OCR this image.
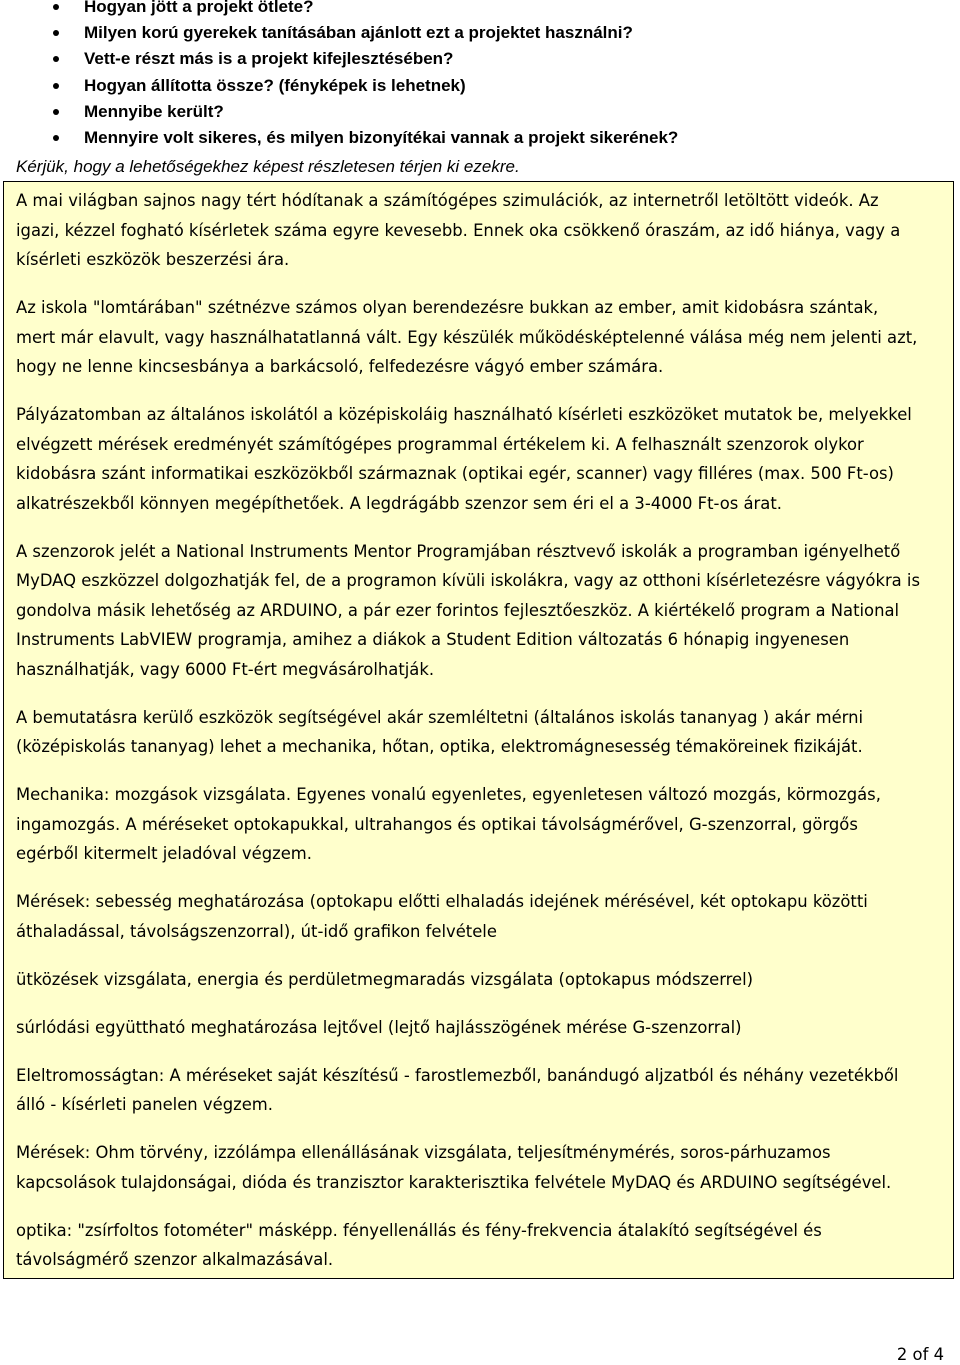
Hogyan jött a projekt ötlete?
Milyen korú gyerekek tanításában ajánlott ezt a projektet használni?
Vett-e részt más is a projekt kifejlesztésében?
Hogyan állította össze? (fényképek is lehetnek)
Mennyibe került?
Mennyire volt sikeres, és milyen bizonyítékai vannak a projekt sikerének?
Kérjük, hogy a lehetőségekhez képest részletesen térjen ki ezekre.

A mai világban sajnos nagy tért hódítanak a számítógépes szimulációk, az internetről letöltött videók. Az
igazi, kézzel fogható kísérletek száma egyre kevesebb. Ennek oka csökkenő óraszám, az idő hiánya, vagy a
kísérleti eszközök beszerzési ára.

Az iskola "lomtárában" szétnézve számos olyan berendezésre bukkan az ember, amit kidobásra szántak,
mert már elavult, vagy használhatatlanná vált. Egy készülék működésképtelenné válása még nem jelenti azt,
hogy ne lenne kincsesbánya a barkácsoló, felfedezésre vágyó ember számára.

Pályázatomban az általános iskolától a középiskoláig használható kísérleti eszközöket mutatok be, melyekkel
elvégzett mérések eredményét számítógépes programmal értékelem ki. A felhasznált szenzorok olykor
kidobásra szánt informatikai eszközökből származnak (optikai egér, scanner) vagy filléres (max. 500 Ft-os)
alkatrészekből könnyen megépíthetőek. A legdrágább szenzor sem éri el a 3-4000 Ft-os árat.

A szenzorok jelét a National Instruments Mentor Programjában résztvevő iskolák a programban igényelhető
MyDAQ eszközzel dolgozhatják fel, de a programon kívüli iskolákra, vagy az otthoni kísérletezésre vágyókra is
gondolva másik lehetőség az ARDUINO, a pár ezer forintos fejlesztőeszköz. A kiértékelő program a National
Instruments LabVIEW programja, amihez a diákok a Student Edition változatás 6 hónapig ingyenesen
használhatják, vagy 6000 Ft-ért megvásárolhatják.

A bemutatásra kerülő eszközök segítségével akár szemléltetni (általános iskolás tananyag ) akár mérni
(középiskolás tananyag) lehet a mechanika, hőtan, optika, elektromágnesesség témaköreinek fizikáját.

Mechanika: mozgások vizsgálata. Egyenes vonalú egyenletes, egyenletesen változó mozgás, körmozgás,
ingamozgás. A méréseket optokapukkal, ultrahangos és optikai távolságmérővel, G-szenzorral, görgős
egérből kitermelt jeladóval végzem.

Mérések: sebesség meghatározása (optokapu előtti elhaladás idejének mérésével, két optokapu közötti
áthaladással, távolságszenzorral), út-idő grafikon felvétele

ütközések vizsgálata, energia és perdületmegmaradás vizsgálata (optokapus módszerrel)

súrlódási együttható meghatározása lejtővel (lejtő hajlásszögének mérése G-szenzorral)

Eleltromosságtan: A méréseket saját készítésű - farostlemezből, banándugó aljzatból és néhány vezetékből
álló - kísérleti panelen végzem.

Mérések: Ohm törvény, izzólámpa ellenállásának vizsgálata, teljesítménymérés, soros-párhuzamos
kapcsolások tulajdonságai, dióda és tranzisztor karakterisztika felvétele MyDAQ és ARDUINO segítségével.

optika: "zsírfoltos fotométer" másképp. fényellenállás és fény-frekvencia átalakító segítségével és
távolságmérő szenzor alkalmazásával.

2 of 4
